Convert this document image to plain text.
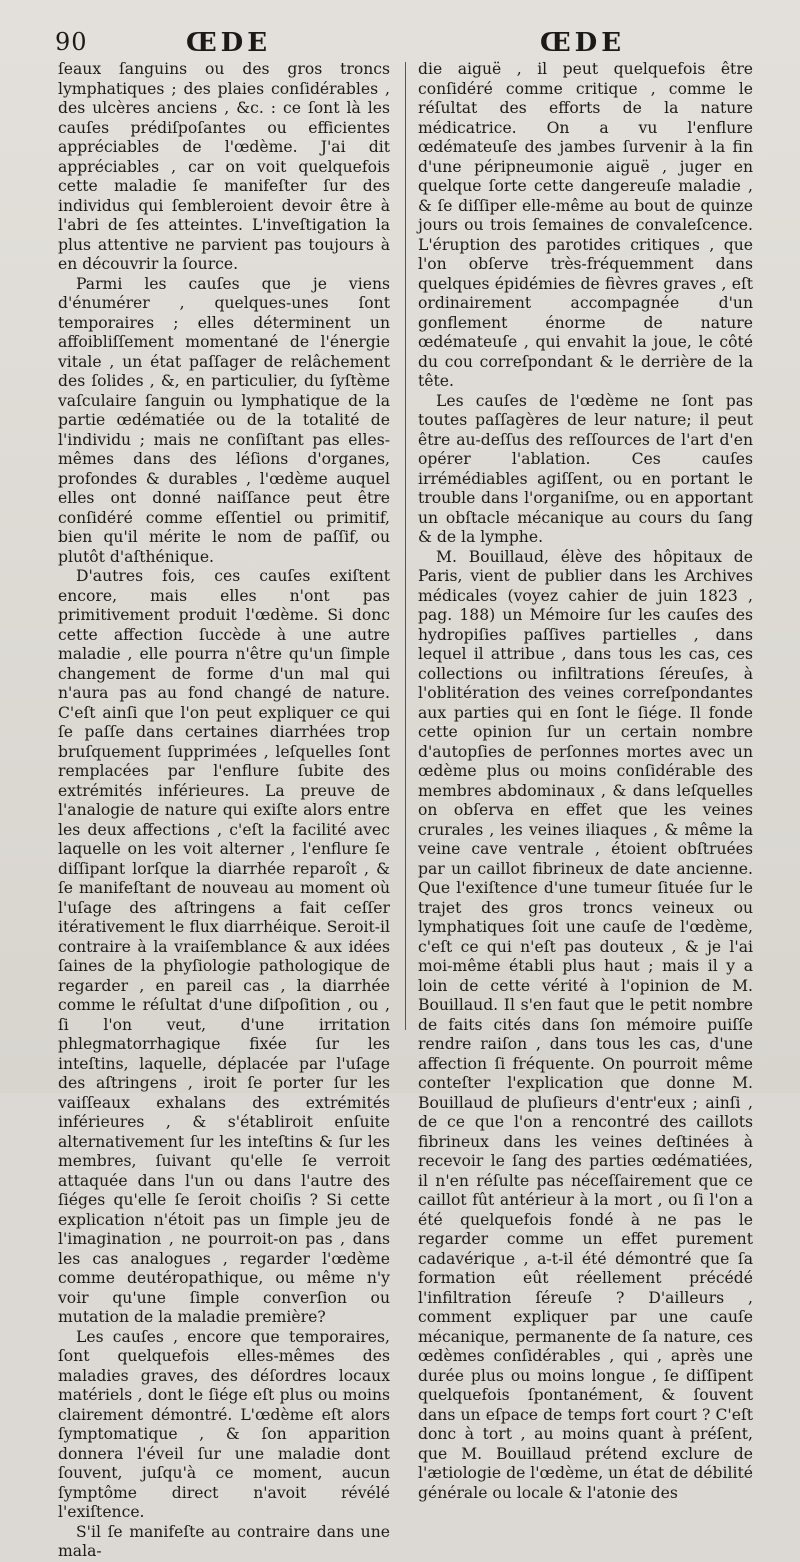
90	ŒDE	ŒDE

ſeaux ſanguins ou des gros troncs lymphatiques ; des plaies conſidérables , des ulcères anciens , &c. : ce ſont là les cauſes prédiſpoſantes ou efficientes appréciables de l'œdème. J'ai dit appréciables , car on voit quelquefois cette maladie ſe manifeſter ſur des individus qui ſembleroient devoir être à l'abri de ſes atteintes. L'inveſtigation la plus attentive ne parvient pas toujours à en découvrir la ſource.

Parmi les cauſes que je viens d'énumérer , quelques-unes ſont temporaires ; elles déterminent un affoibliſſement momentané de l'énergie vitale , un état paſſager de relâchement des ſolides , &, en particulier, du ſyſtème vaſculaire ſanguin ou lymphatique de la partie œdématiée ou de la totalité de l'individu ; mais ne conſiſtant pas elles-mêmes dans des léſions d'organes, profondes & durables , l'œdème auquel elles ont donné naiſſance peut être conſidéré comme eſſentiel ou primitif, bien qu'il mérite le nom de paſſif, ou plutôt d'aſthénique.

D'autres fois, ces cauſes exiſtent encore, mais elles n'ont pas primitivement produit l'œdème. Si donc cette affection ſuccède à une autre maladie , elle pourra n'être qu'un ſimple changement de forme d'un mal qui n'aura pas au fond changé de nature. C'eſt ainſi que l'on peut expliquer ce qui ſe paſſe dans certaines diarrhées trop bruſquement ſupprimées , leſquelles ſont remplacées par l'enflure ſubite des extrémités inférieures. La preuve de l'analogie de nature qui exiſte alors entre les deux affections , c'eſt la facilité avec laquelle on les voit alterner , l'enflure ſe diſſipant lorſque la diarrhée reparoît , & ſe manifeſtant de nouveau au moment où l'uſage des aſtringens a fait ceſſer itérativement le flux diarrhéique. Seroit-il contraire à la vraiſemblance & aux idées ſaines de la phyſiologie pathologique de regarder , en pareil cas , la diarrhée comme le réſultat d'une diſpoſition , ou , ſi l'on veut, d'une irritation phlegmatorrhagique fixée ſur les inteſtins, laquelle, déplacée par l'uſage des aſtringens , iroit ſe porter ſur les vaiſſeaux exhalans des extrémités inférieures , & s'établiroit enſuite alternativement ſur les inteſtins & ſur les membres, ſuivant qu'elle ſe verroit attaquée dans l'un ou dans l'autre des ſiéges qu'elle ſe ſeroit choiſis ? Si cette explication n'étoit pas un ſimple jeu de l'imagination , ne pourroit-on pas , dans les cas analogues , regarder l'œdème comme deutéropathique, ou même n'y voir qu'une ſimple converſion ou mutation de la maladie première?

Les cauſes , encore que temporaires, ſont quelquefois elles-mêmes des maladies graves, des déſordres locaux matériels , dont le ſiége eſt plus ou moins clairement démontré. L'œdème eſt alors ſymptomatique , & ſon apparition donnera l'éveil ſur une maladie dont ſouvent, juſqu'à ce moment, aucun ſymptôme direct n'avoit révélé l'exiſtence.

S'il ſe manifeſte au contraire dans une mala-

die aiguë , il peut quelquefois être conſidéré comme critique , comme le réſultat des efforts de la nature médicatrice. On a vu l'enflure œdémateuſe des jambes ſurvenir à la fin d'une péripneumonie aiguë , juger en quelque ſorte cette dangereuſe maladie , & ſe diſſiper elle-même au bout de quinze jours ou trois ſemaines de convaleſcence. L'éruption des parotides critiques , que l'on obſerve très-fréquemment dans quelques épidémies de fièvres graves , eſt ordinairement accompagnée d'un gonflement énorme de nature œdémateuſe , qui envahit la joue, le côté du cou correſpondant & le derrière de la tête.

Les cauſes de l'œdème ne ſont pas toutes paſſagères de leur nature; il peut être au-deſſus des reſſources de l'art d'en opérer l'ablation. Ces cauſes irrémédiables agiſſent, ou en portant le trouble dans l'organiſme, ou en apportant un obſtacle mécanique au cours du ſang & de la lymphe.

M. Bouillaud, élève des hôpitaux de Paris, vient de publier dans les Archives médicales (voyez cahier de juin 1823 , pag. 188) un Mémoire ſur les cauſes des hydropiſies paſſives partielles , dans lequel il attribue , dans tous les cas, ces collections ou infiltrations ſéreuſes, à l'oblitération des veines correſpondantes aux parties qui en ſont le ſiége. Il fonde cette opinion ſur un certain nombre d'autopſies de perſonnes mortes avec un œdème plus ou moins conſidérable des membres abdominaux , & dans leſquelles on obſerva en effet que les veines crurales , les veines iliaques , & même la veine cave ventrale , étoient obſtruées par un caillot fibrineux de date ancienne. Que l'exiſtence d'une tumeur ſituée ſur le trajet des gros troncs veineux ou lymphatiques ſoit une cauſe de l'œdème, c'eſt ce qui n'eſt pas douteux , & je l'ai moi-même établi plus haut ; mais il y a loin de cette vérité à l'opinion de M. Bouillaud. Il s'en faut que le petit nombre de faits cités dans ſon mémoire puiſſe rendre raiſon , dans tous les cas, d'une affection ſi fréquente. On pourroit même conteſter l'explication que donne M. Bouillaud de pluſieurs d'entr'eux ; ainſi , de ce que l'on a rencontré des caillots fibrineux dans les veines deſtinées à recevoir le ſang des parties œdématiées, il n'en réſulte pas néceſſairement que ce caillot fût antérieur à la mort , ou ſi l'on a été quelquefois fondé à ne pas le regarder comme un effet purement cadavérique , a-t-il été démontré que ſa formation eût réellement précédé l'infiltration ſéreuſe ? D'ailleurs , comment expliquer par une cauſe mécanique, permanente de ſa nature, ces œdèmes conſidérables , qui , après une durée plus ou moins longue , ſe diſſipent quelquefois ſpontanément, & ſouvent dans un eſpace de temps fort court ? C'eſt donc à tort , au moins quant à préſent, que M. Bouillaud prétend exclure de l'ætiologie de l'œdème, un état de débilité générale ou locale & l'atonie des
